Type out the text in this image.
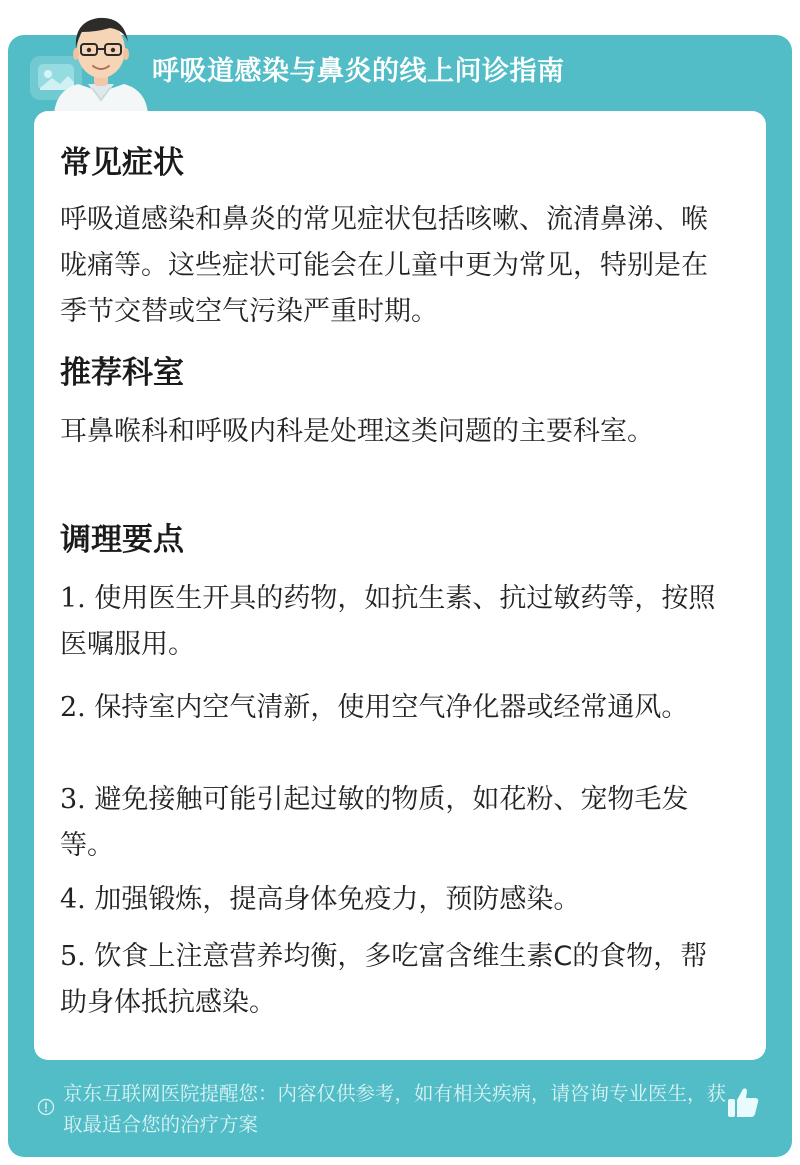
呼吸道感染与鼻炎的线上问诊指南
常见症状
呼吸道感染和鼻炎的常见症状包括咳嗽、流清鼻涕、喉咙痛等。这些症状可能会在儿童中更为常见，特别是在季节交替或空气污染严重时期。
推荐科室
耳鼻喉科和呼吸内科是处理这类问题的主要科室。
调理要点
1. 使用医生开具的药物，如抗生素、抗过敏药等，按照医嘱服用。
2. 保持室内空气清新，使用空气净化器或经常通风。
3. 避免接触可能引起过敏的物质，如花粉、宠物毛发等。
4. 加强锻炼，提高身体免疫力，预防感染。
5. 饮食上注意营养均衡，多吃富含维生素C的食物，帮助身体抵抗感染。
京东互联网医院提醒您：内容仅供参考，如有相关疾病，请咨询专业医生，获取最适合您的治疗方案
